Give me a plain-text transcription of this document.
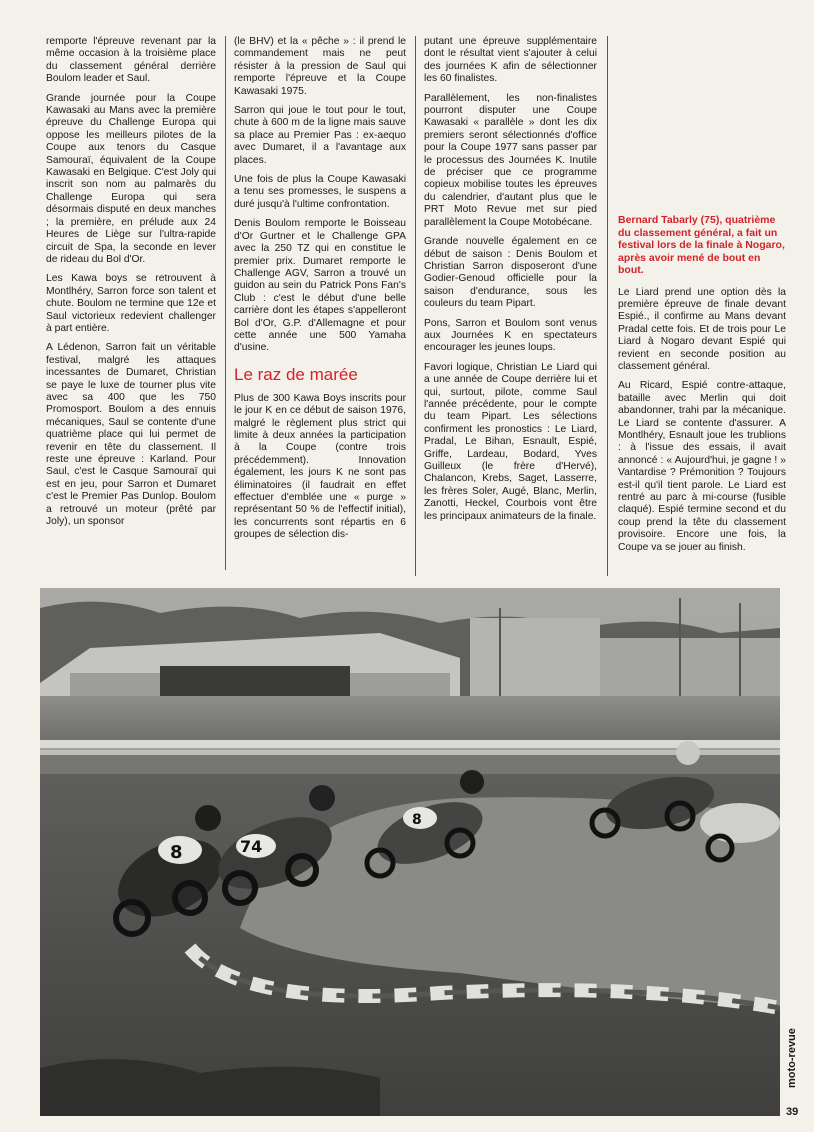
remporte l'épreuve revenant par la même occasion à la troisième place du classement général derrière Boulom leader et Saul.

Grande journée pour la Coupe Kawasaki au Mans avec la première épreuve du Challenge Europa qui oppose les meilleurs pilotes de la Coupe aux tenors du Casque Samouraï, équivalent de la Coupe Kawasaki en Belgique. C'est Joly qui inscrit son nom au palmarès du Challenge Europa qui sera désormais disputé en deux manches ; la première, en prélude aux 24 Heures de Liège sur l'ultra-rapide circuit de Spa, la seconde en lever de rideau du Bol d'Or.

Les Kawa boys se retrouvent à Montlhéry, Sarron force son talent et chute. Boulom ne termine que 12e et Saul victorieux redevient challenger à part entière.

A Lédenon, Sarron fait un véritable festival, malgré les attaques incessantes de Dumaret, Christian se paye le luxe de tourner plus vite avec sa 400 que les 750 Promosport. Boulom a des ennuis mécaniques, Saul se contente d'une quatrième place qui lui permet de revenir en tête du classement. Il reste une épreuve : Karland. Pour Saul, c'est le Casque Samouraï qui est en jeu, pour Sarron et Dumaret c'est le Premier Pas Dunlop. Boulom a retrouvé un moteur (prêté par Joly), un sponsor

(le BHV) et la « pêche » : il prend le commandement mais ne peut résister à la pression de Saul qui remporte l'épreuve et la Coupe Kawasaki 1975.

Sarron qui joue le tout pour le tout, chute à 600 m de la ligne mais sauve sa place au Premier Pas : ex-aequo avec Dumaret, il a l'avantage aux places.

Une fois de plus la Coupe Kawasaki a tenu ses promesses, le suspens a duré jusqu'à l'ultime confrontation.

Denis Boulom remporte le Boisseau d'Or Gurtner et le Challenge GPA avec la 250 TZ qui en constitue le premier prix. Dumaret remporte le Challenge AGV, Sarron a trouvé un guidon au sein du Patrick Pons Fan's Club : c'est le début d'une belle carrière dont les étapes s'appelleront Bol d'Or, G.P. d'Allemagne et pour cette année une 500 Yamaha d'usine.

Le raz de marée

Plus de 300 Kawa Boys inscrits pour le jour K en ce début de saison 1976, malgré le règlement plus strict qui limite à deux années la participation à la Coupe (contre trois précédemment). Innovation également, les jours K ne sont pas éliminatoires (il faudrait en effet effectuer d'emblée une « purge » représentant 50 % de l'effectif initial), les concurrents sont répartis en 6 groupes de sélection dis-

putant une épreuve supplémentaire dont le résultat vient s'ajouter à celui des journées K afin de sélectionner les 60 finalistes.

Parallèlement, les non-finalistes pourront disputer une Coupe Kawasaki « parallèle » dont les dix premiers seront sélectionnés d'office pour la Coupe 1977 sans passer par le processus des Journées K. Inutile de préciser que ce programme copieux mobilise toutes les épreuves du calendrier, d'autant plus que le PRT Moto Revue met sur pied parallèlement la Coupe Motobécane.

Grande nouvelle également en ce début de saison : Denis Boulom et Christian Sarron disposeront d'une Godier-Genoud officielle pour la saison d'endurance, sous les couleurs du team Pipart.

Pons, Sarron et Boulom sont venus aux Journées K en spectateurs encourager les jeunes loups.

Favori logique, Christian Le Liard qui a une année de Coupe derrière lui et qui, surtout, pilote, comme Saul l'année précédente, pour le compte du team Pipart. Les sélections confirment les pronostics : Le Liard, Pradal, Le Bihan, Esnault, Espié, Griffe, Lardeau, Bodard, Yves Guilleux (le frère d'Hervé), Chalancon, Krebs, Saget, Lasserre, les frères Soler, Augé, Blanc, Merlin, Zanotti, Heckel, Courbois vont être les principaux animateurs de la finale.

Bernard Tabarly (75), quatrième du classement général, a fait un festival lors de la finale à Nogaro, après avoir mené de bout en bout.

Le Liard prend une option dès la première épreuve de finale devant Espié., il confirme au Mans devant Pradal cette fois. Et de trois pour Le Liard à Nogaro devant Espié qui revient en seconde position au classement général.

Au Ricard, Espié contre-attaque, bataille avec Merlin qui doit abandonner, trahi par la mécanique. Le Liard se contente d'assurer. A Montlhéry, Esnault joue les trublions : à l'issue des essais, il avait annoncé : « Aujourd'hui, je gagne ! » Vantardise ? Prémonition ? Toujours est-il qu'il tient parole. Le Liard est rentré au parc à mi-course (fusible claqué). Espié termine second et du coup prend la tête du classement provisoire. Encore une fois, la Coupe va se jouer au finish.

8	74
8
moto-revue
39
